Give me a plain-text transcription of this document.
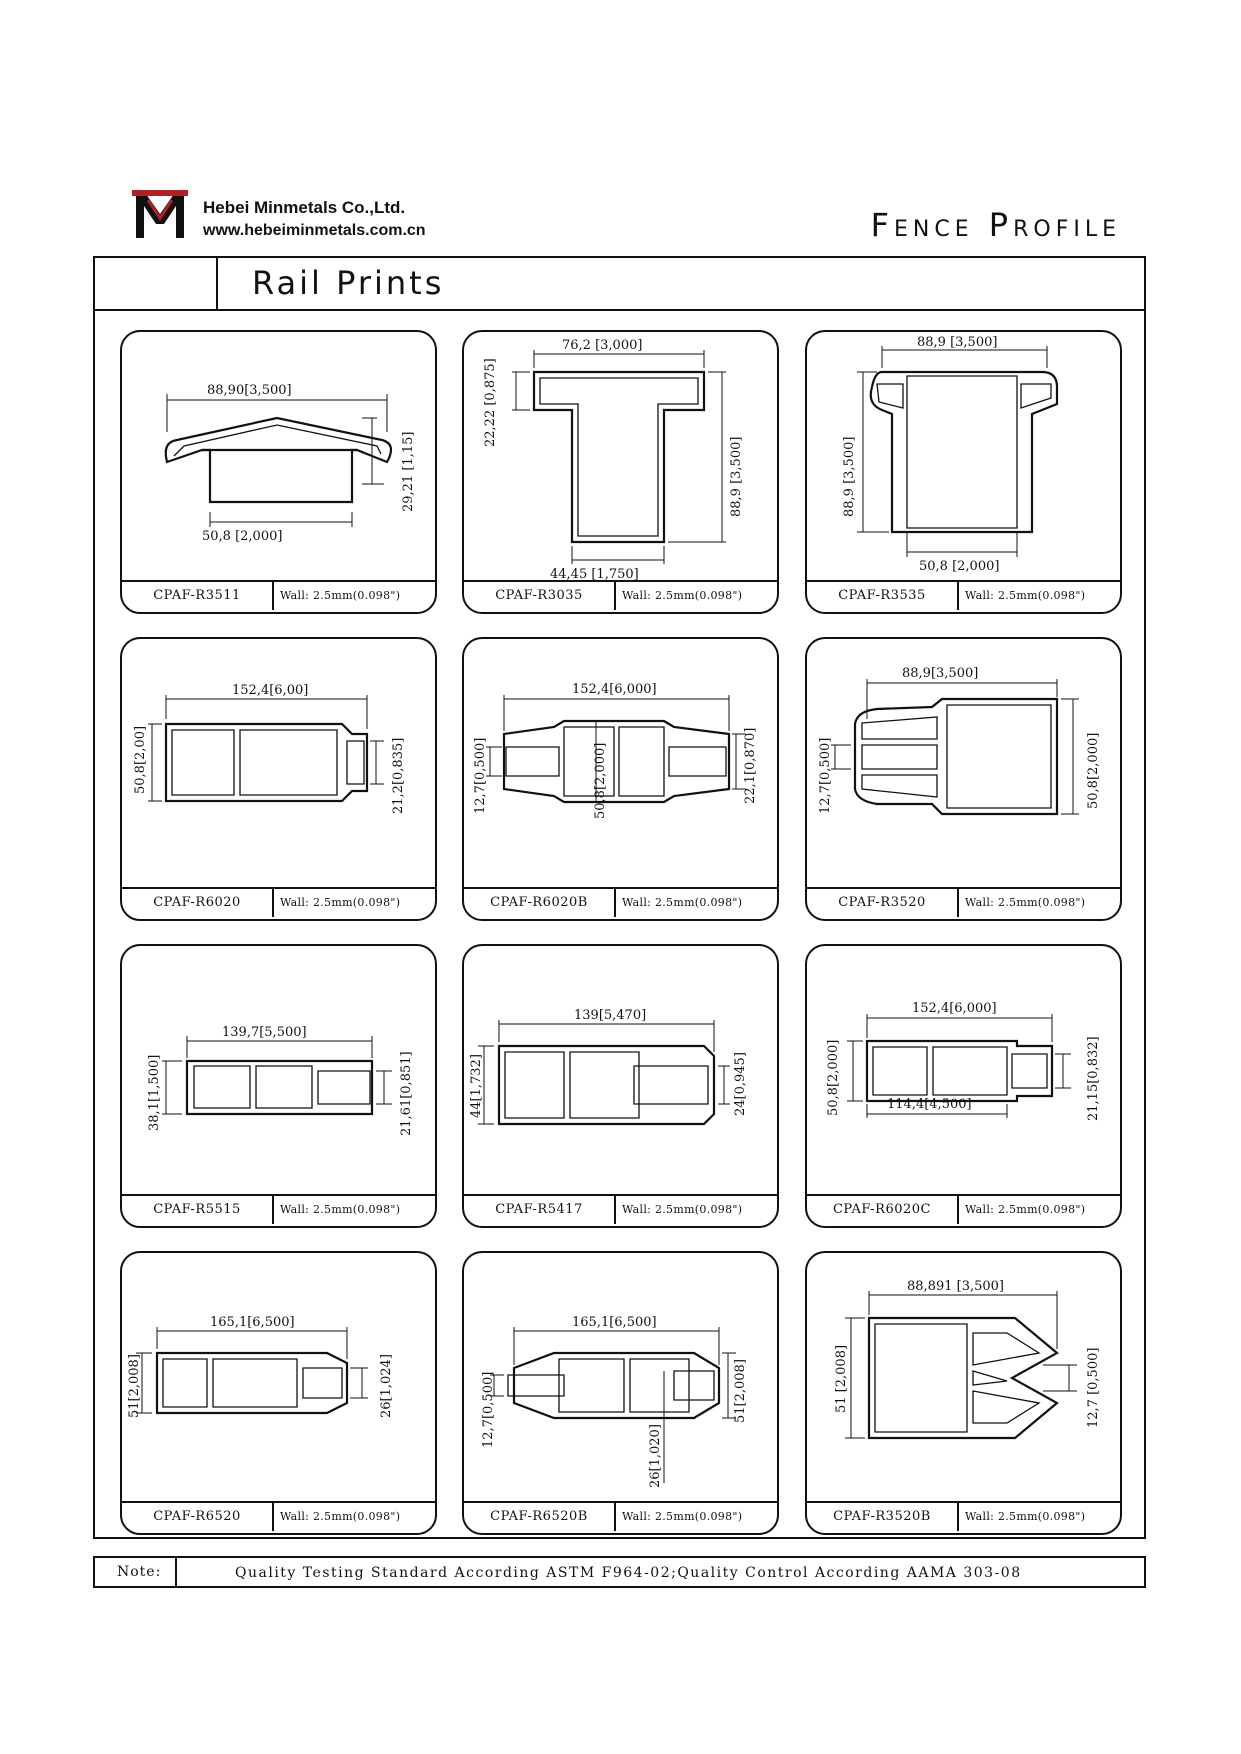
Hebei Minmetals Co.,Ltd.
www.hebeiminmetals.com.cn	Fence Profile
Rail Prints
88,90[3,500]
29,21 [1,15]
50,8 [2,000]
CPAF-R3511	Wall: 2.5mm(0.098")
76,2 [3,000]
22,22 [0,875]
88,9 [3,500]
44,45 [1,750]
CPAF-R3035	Wall: 2.5mm(0.098")
88,9 [3,500]
88,9 [3,500]
50,8 [2,000]
CPAF-R3535	Wall: 2.5mm(0.098")
152,4[6,00]
50,8[2,00]	21,2[0,835]
CPAF-R6020	Wall: 2.5mm(0.098")
152,4[6,000]
12,7[0,500]	50,8[2,000]	22,1[0,870]
CPAF-R6020B	Wall: 2.5mm(0.098")
88,9[3,500]
12,7[0,500]	50,8[2,000]
CPAF-R3520	Wall: 2.5mm(0.098")
139,7[5,500]
38,1[1,500]	21,61[0,851]
CPAF-R5515	Wall: 2.5mm(0.098")
139[5,470]
44[1,732]	24[0,945]
CPAF-R5417	Wall: 2.5mm(0.098")
152,4[6,000]
50,8[2,000]	21,15[0,832]
114,4[4,500]
CPAF-R6020C	Wall: 2.5mm(0.098")
165,1[6,500]
51[2,008]	26[1,024]
CPAF-R6520	Wall: 2.5mm(0.098")
165,1[6,500]
12,7[0,500]	51[2,008]
26[1,020]
CPAF-R6520B	Wall: 2.5mm(0.098")
88,891 [3,500]
51 [2,008]	12,7 [0,500]
CPAF-R3520B	Wall: 2.5mm(0.098")
Note:	Quality Testing Standard According ASTM F964-02;Quality Control According AAMA 303-08
